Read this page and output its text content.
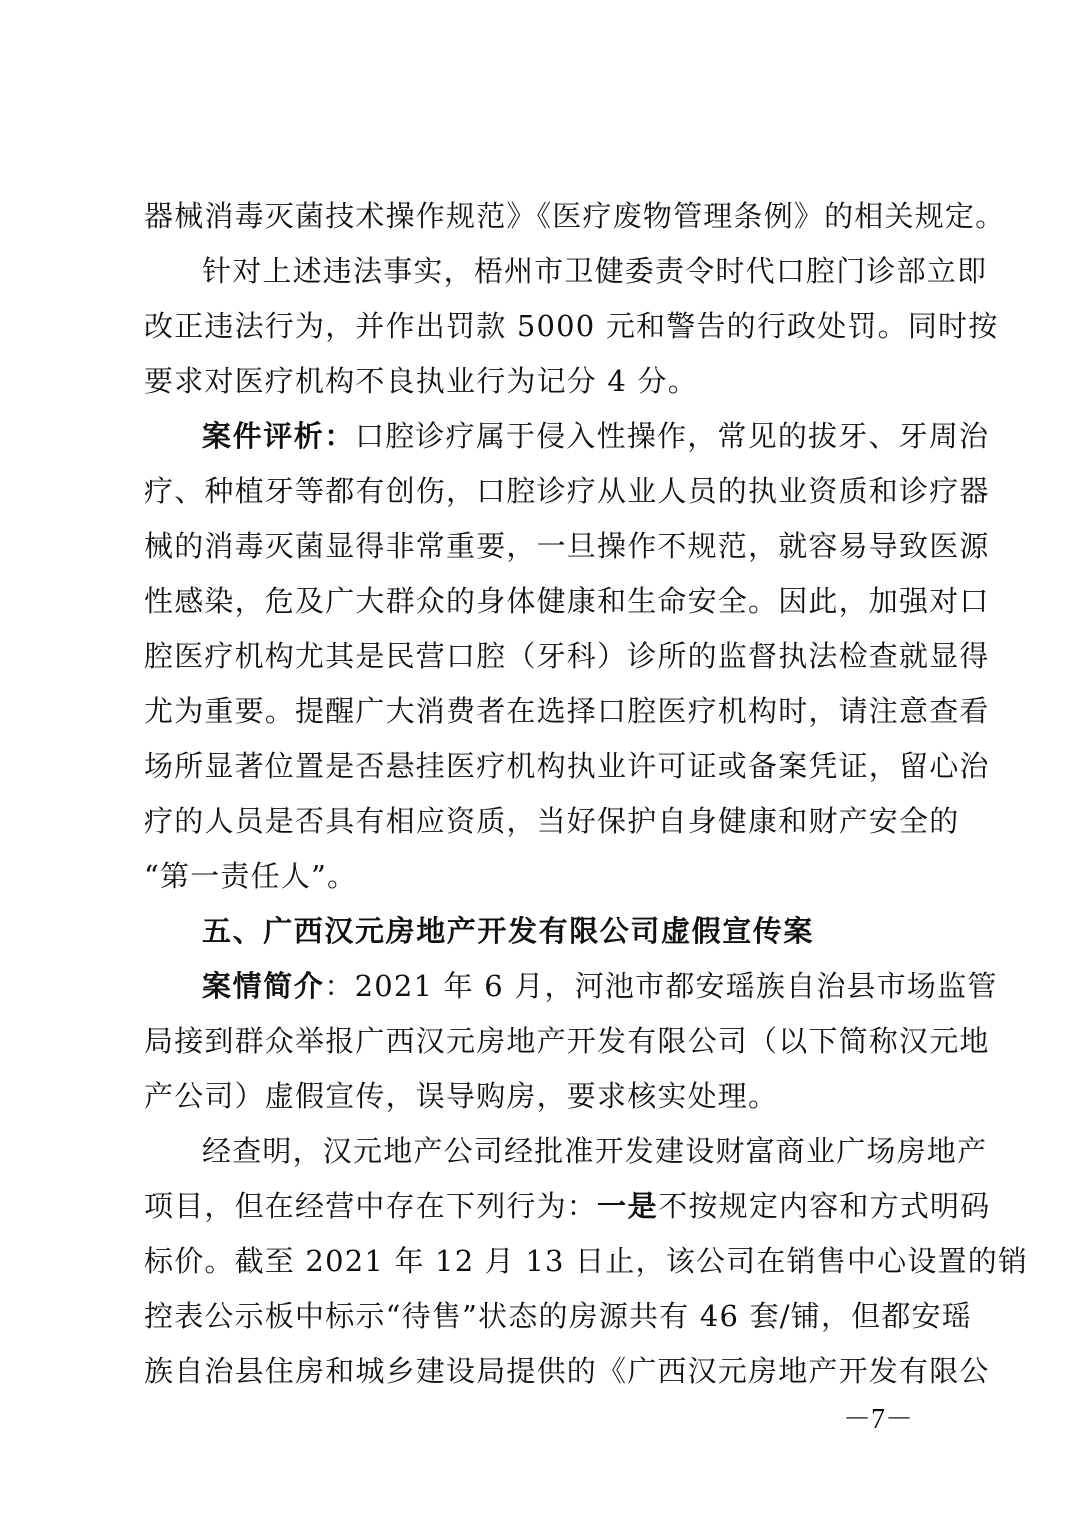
器械消毒灭菌技术操作规范》《医疗废物管理条例》的相关规定。
针对上述违法事实，梧州市卫健委责令时代口腔门诊部立即
改正违法行为，并作出罚款 5000 元和警告的行政处罚。同时按
要求对医疗机构不良执业行为记分 4 分。
案件评析：口腔诊疗属于侵入性操作，常见的拔牙、牙周治
疗、种植牙等都有创伤，口腔诊疗从业人员的执业资质和诊疗器
械的消毒灭菌显得非常重要，一旦操作不规范，就容易导致医源
性感染，危及广大群众的身体健康和生命安全。因此，加强对口
腔医疗机构尤其是民营口腔（牙科）诊所的监督执法检查就显得
尤为重要。提醒广大消费者在选择口腔医疗机构时，请注意查看
场所显著位置是否悬挂医疗机构执业许可证或备案凭证，留心治
疗的人员是否具有相应资质，当好保护自身健康和财产安全的
“第一责任人”。
五、广西汉元房地产开发有限公司虚假宣传案
案情简介：2021 年 6 月，河池市都安瑶族自治县市场监管
局接到群众举报广西汉元房地产开发有限公司（以下简称汉元地
产公司）虚假宣传，误导购房，要求核实处理。
经查明，汉元地产公司经批准开发建设财富商业广场房地产
项目，但在经营中存在下列行为：一是不按规定内容和方式明码
标价。截至 2021 年 12 月 13 日止，该公司在销售中心设置的销
控表公示板中标示“待售”状态的房源共有 46 套/铺，但都安瑶
族自治县住房和城乡建设局提供的《广西汉元房地产开发有限公
－7－
